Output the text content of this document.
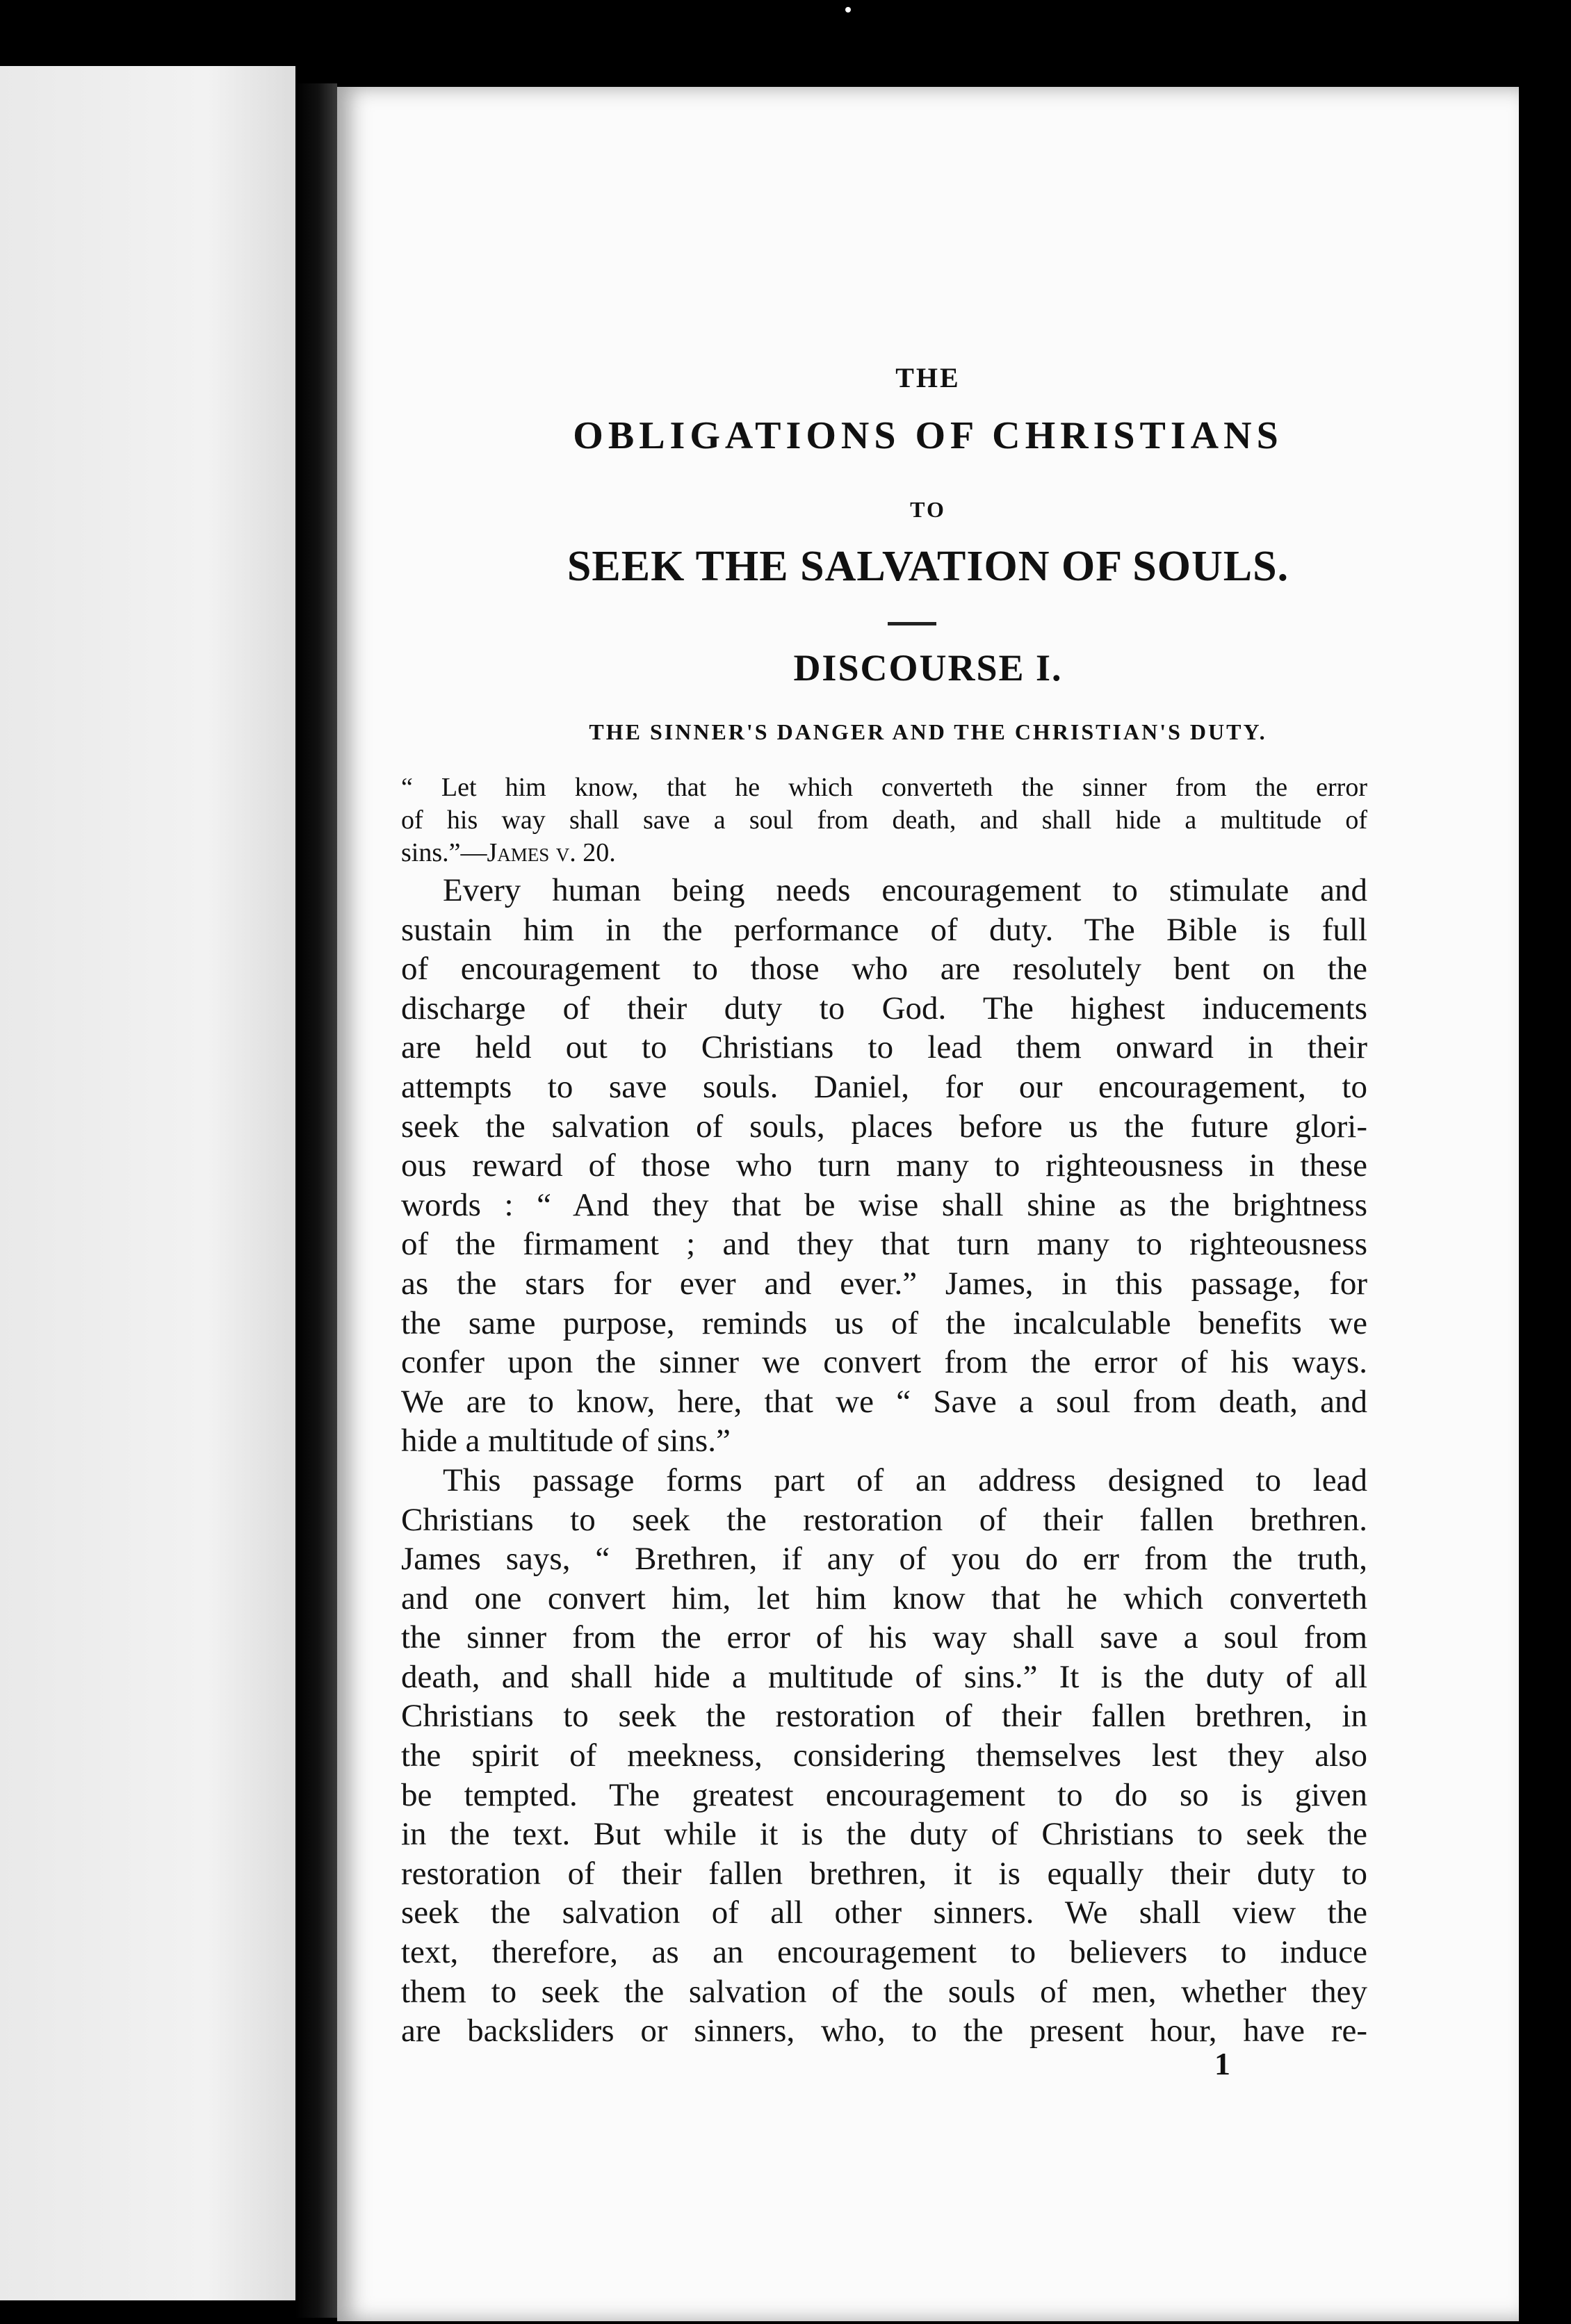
THE
OBLIGATIONS OF CHRISTIANS
TO
SEEK THE SALVATION OF SOULS.
DISCOURSE I.
THE SINNER'S DANGER AND THE CHRISTIAN'S DUTY.
“ Let him know, that he which converteth the sinner from the error
of his way shall save a soul from death, and shall hide a multitude of
sins.”—James v. 20.
Every human being needs encouragement to stimulate and
sustain him in the performance of duty. The Bible is full
of encouragement to those who are resolutely bent on the
discharge of their duty to God. The highest inducements
are held out to Christians to lead them onward in their
attempts to save souls. Daniel, for our encouragement, to
seek the salvation of souls, places before us the future glori-
ous reward of those who turn many to righteousness in these
words : “ And they that be wise shall shine as the brightness
of the firmament ; and they that turn many to righteousness
as the stars for ever and ever.” James, in this passage, for
the same purpose, reminds us of the incalculable benefits we
confer upon the sinner we convert from the error of his ways.
We are to know, here, that we “ Save a soul from death, and
hide a multitude of sins.”
This passage forms part of an address designed to lead
Christians to seek the restoration of their fallen brethren.
James says, “ Brethren, if any of you do err from the truth,
and one convert him, let him know that he which converteth
the sinner from the error of his way shall save a soul from
death, and shall hide a multitude of sins.” It is the duty of all
Christians to seek the restoration of their fallen brethren, in
the spirit of meekness, considering themselves lest they also
be tempted. The greatest encouragement to do so is given
in the text. But while it is the duty of Christians to seek the
restoration of their fallen brethren, it is equally their duty to
seek the salvation of all other sinners. We shall view the
text, therefore, as an encouragement to believers to induce
them to seek the salvation of the souls of men, whether they
are backsliders or sinners, who, to the present hour, have re-
1
